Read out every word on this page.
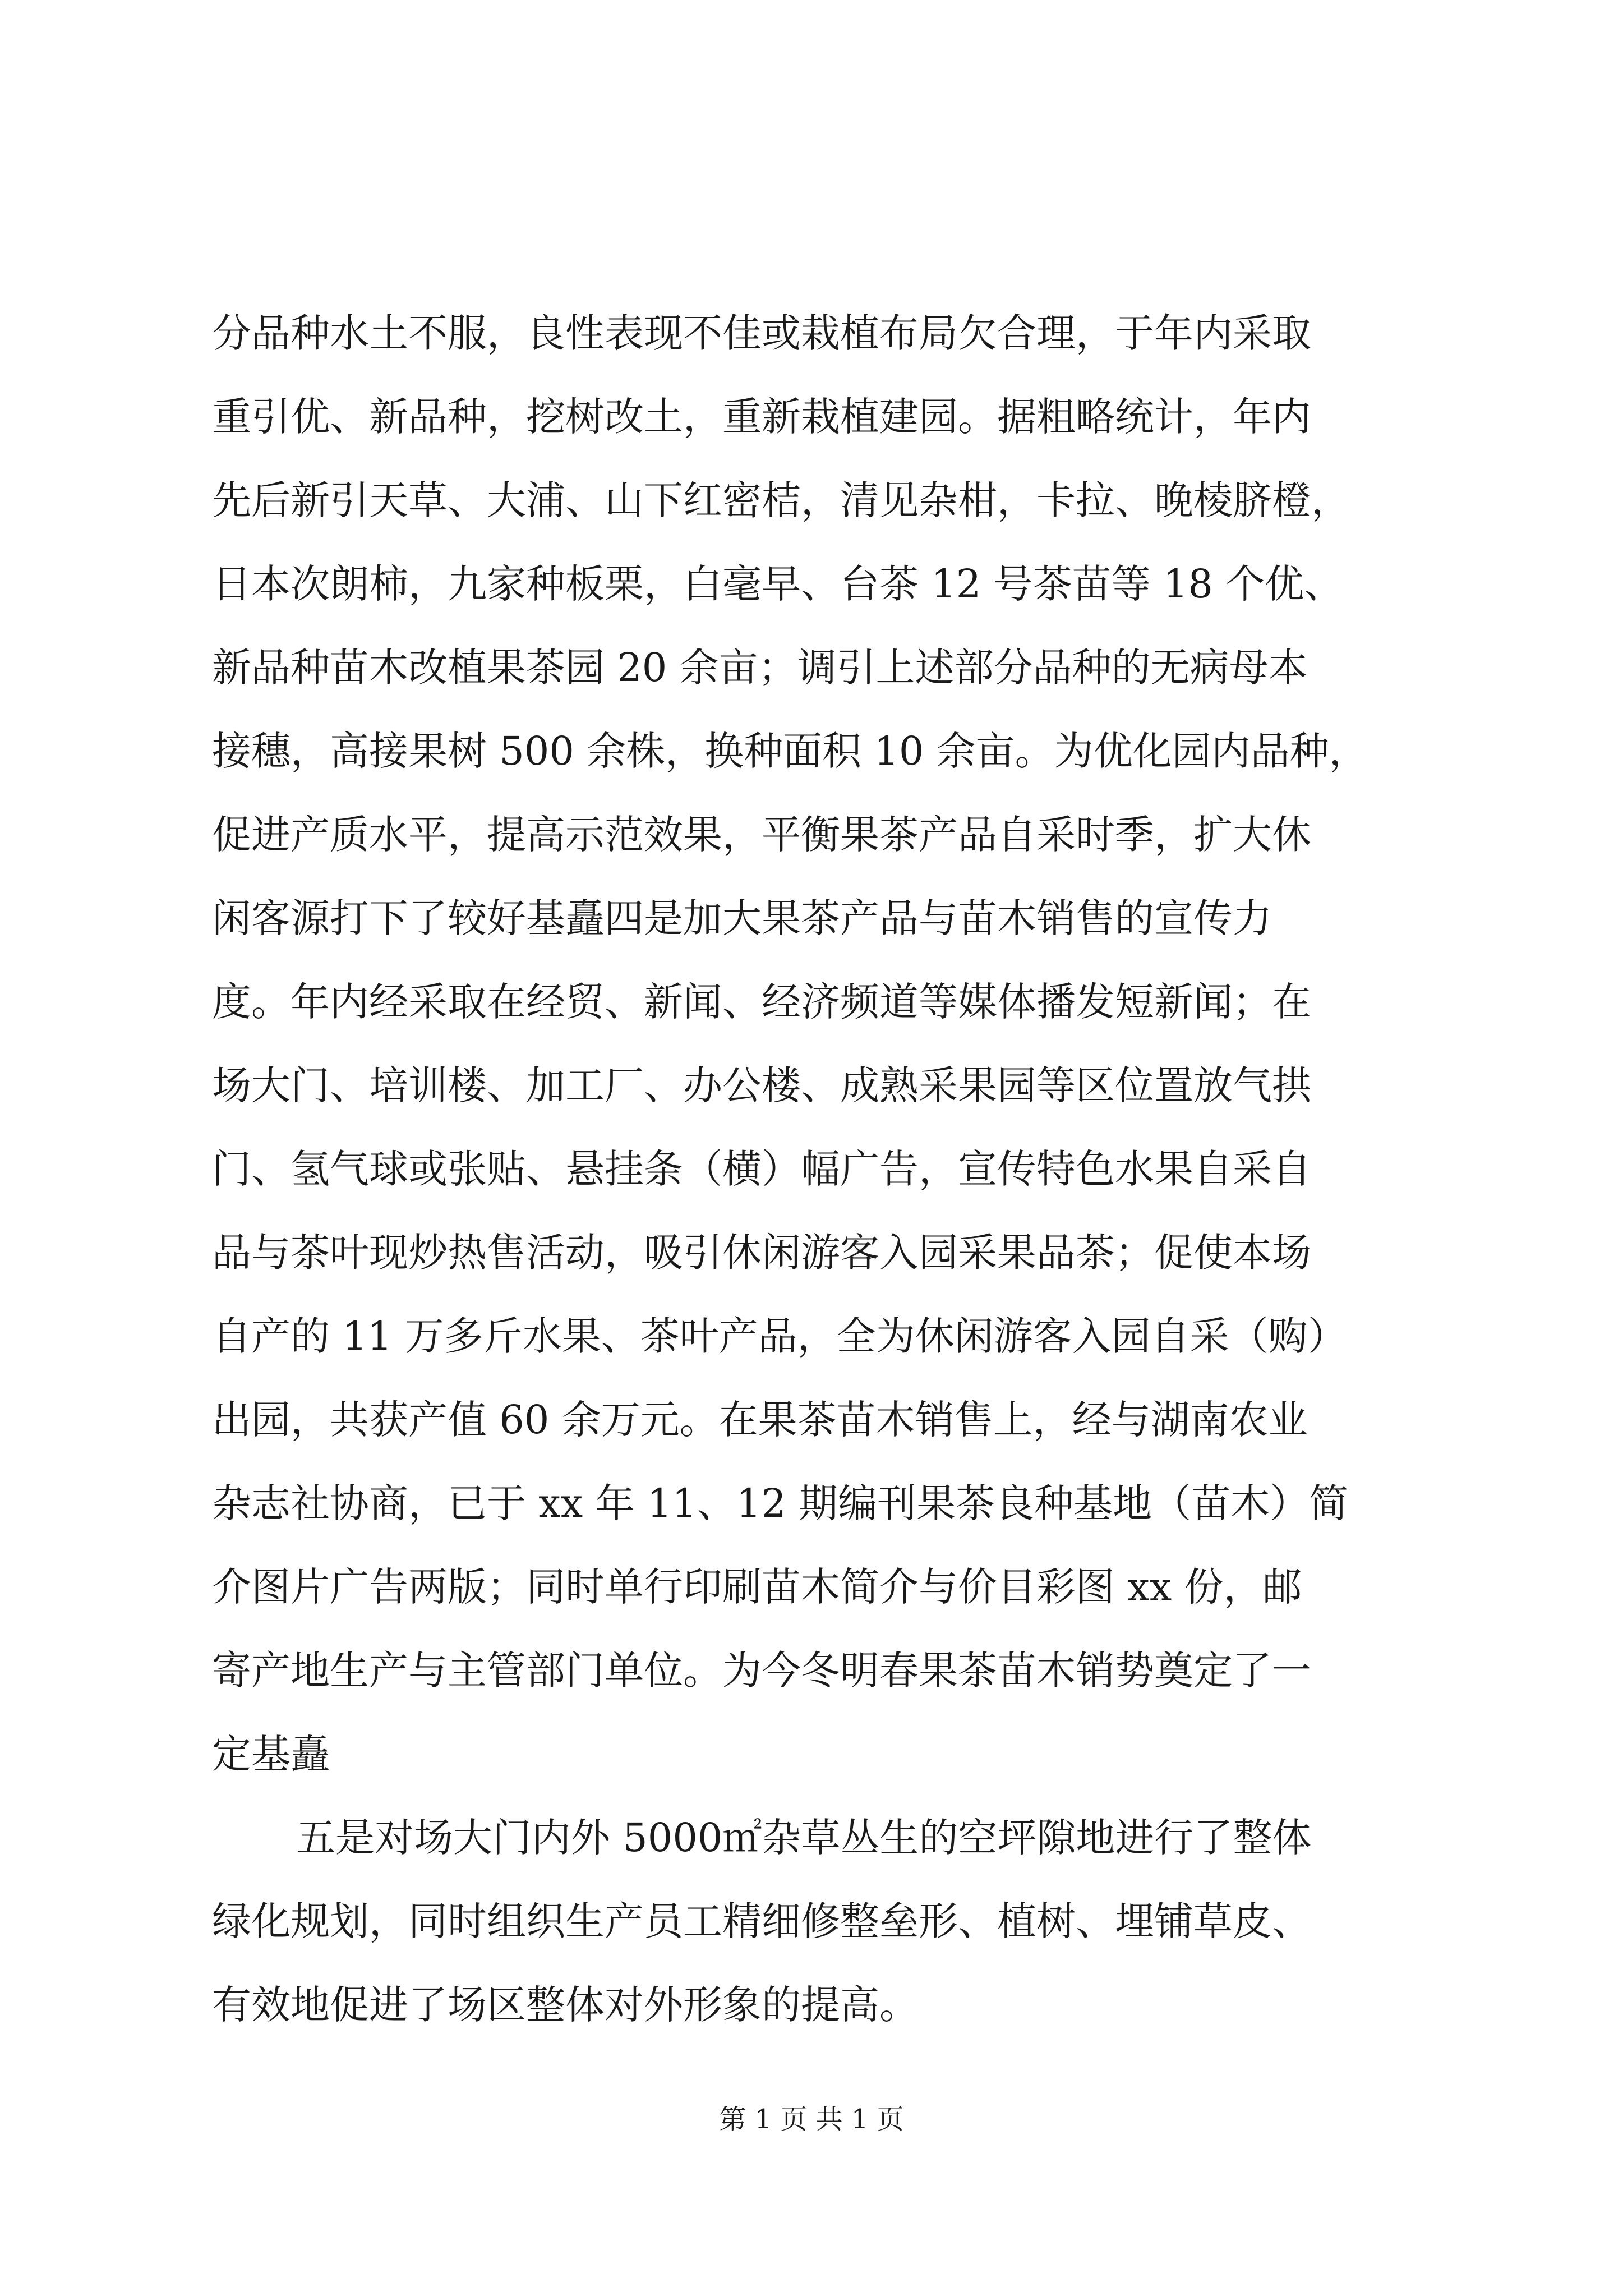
分品种水土不服，良性表现不佳或栽植布局欠合理，于年内采取
重引优、新品种，挖树改土，重新栽植建园。据粗略统计，年内
先后新引天草、大浦、山下红密桔，清见杂柑，卡拉、晚棱脐橙，
日本次朗柿，九家种板栗，白毫早、台茶 12 号茶苗等 18 个优、
新品种苗木改植果茶园 20 余亩；调引上述部分品种的无病母本
接穗，高接果树 500 余株，换种面积 10 余亩。为优化园内品种，
促进产质水平，提高示范效果，平衡果茶产品自采时季，扩大休
闲客源打下了较好基矗四是加大果茶产品与苗木销售的宣传力
度。年内经采取在经贸、新闻、经济频道等媒体播发短新闻；在
场大门、培训楼、加工厂、办公楼、成熟采果园等区位置放气拱
门、氢气球或张贴、悬挂条（横）幅广告，宣传特色水果自采自
品与茶叶现炒热售活动，吸引休闲游客入园采果品茶；促使本场
自产的 11 万多斤水果、茶叶产品，全为休闲游客入园自采（购）
出园，共获产值 60 余万元。在果茶苗木销售上，经与湖南农业
杂志社协商，已于 xx 年 11、12 期编刊果茶良种基地（苗木）简
介图片广告两版；同时单行印刷苗木简介与价目彩图 xx 份，邮
寄产地生产与主管部门单位。为今冬明春果茶苗木销势奠定了一
定基矗
五是对场大门内外 5000㎡杂草丛生的空坪隙地进行了整体
绿化规划，同时组织生产员工精细修整垒形、植树、埋铺草皮、
有效地促进了场区整体对外形象的提高。
第 1 页 共 1 页
